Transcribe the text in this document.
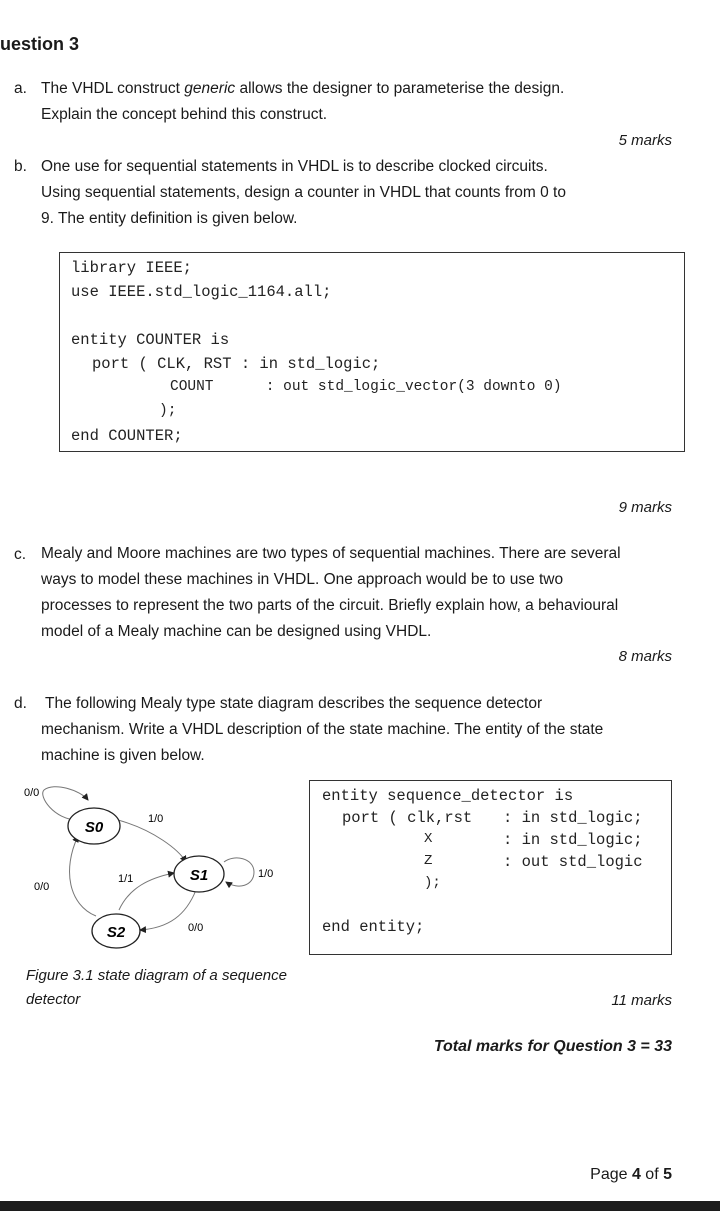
uestion 3
a. The VHDL construct generic allows the designer to parameterise the design.
Explain the concept behind this construct.
5 marks
b. One use for sequential statements in VHDL is to describe clocked circuits.
Using sequential statements, design a counter in VHDL that counts from 0 to
9. The entity definition is given below.
library IEEE;
use IEEE.std_logic_1164.all;
entity COUNTER is
port ( CLK, RST : in std_logic;
COUNT      : out std_logic_vector(3 downto 0)
);
end COUNTER;
9 marks
c. Mealy and Moore machines are two types of sequential machines. There are several
ways to model these machines in VHDL. One approach would be to use two
processes to represent the two parts of the circuit. Briefly explain how, a behavioural
model of a Mealy machine can be designed using VHDL.
8 marks
d. The following Mealy type state diagram describes the sequence detector
mechanism. Write a VHDL description of the state machine. The entity of the state
machine is given below.
S0
S1
S2
0/0
1/0
1/1	1/0
0/0
0/0
entity sequence_detector is
port ( clk,rst : in std_logic;
X	: in std_logic;
Z	: out std_logic
);
end entity;
Figure 3.1 state diagram of a sequence
detector	11 marks
Total marks for Question 3 = 33
Page 4 of 5
